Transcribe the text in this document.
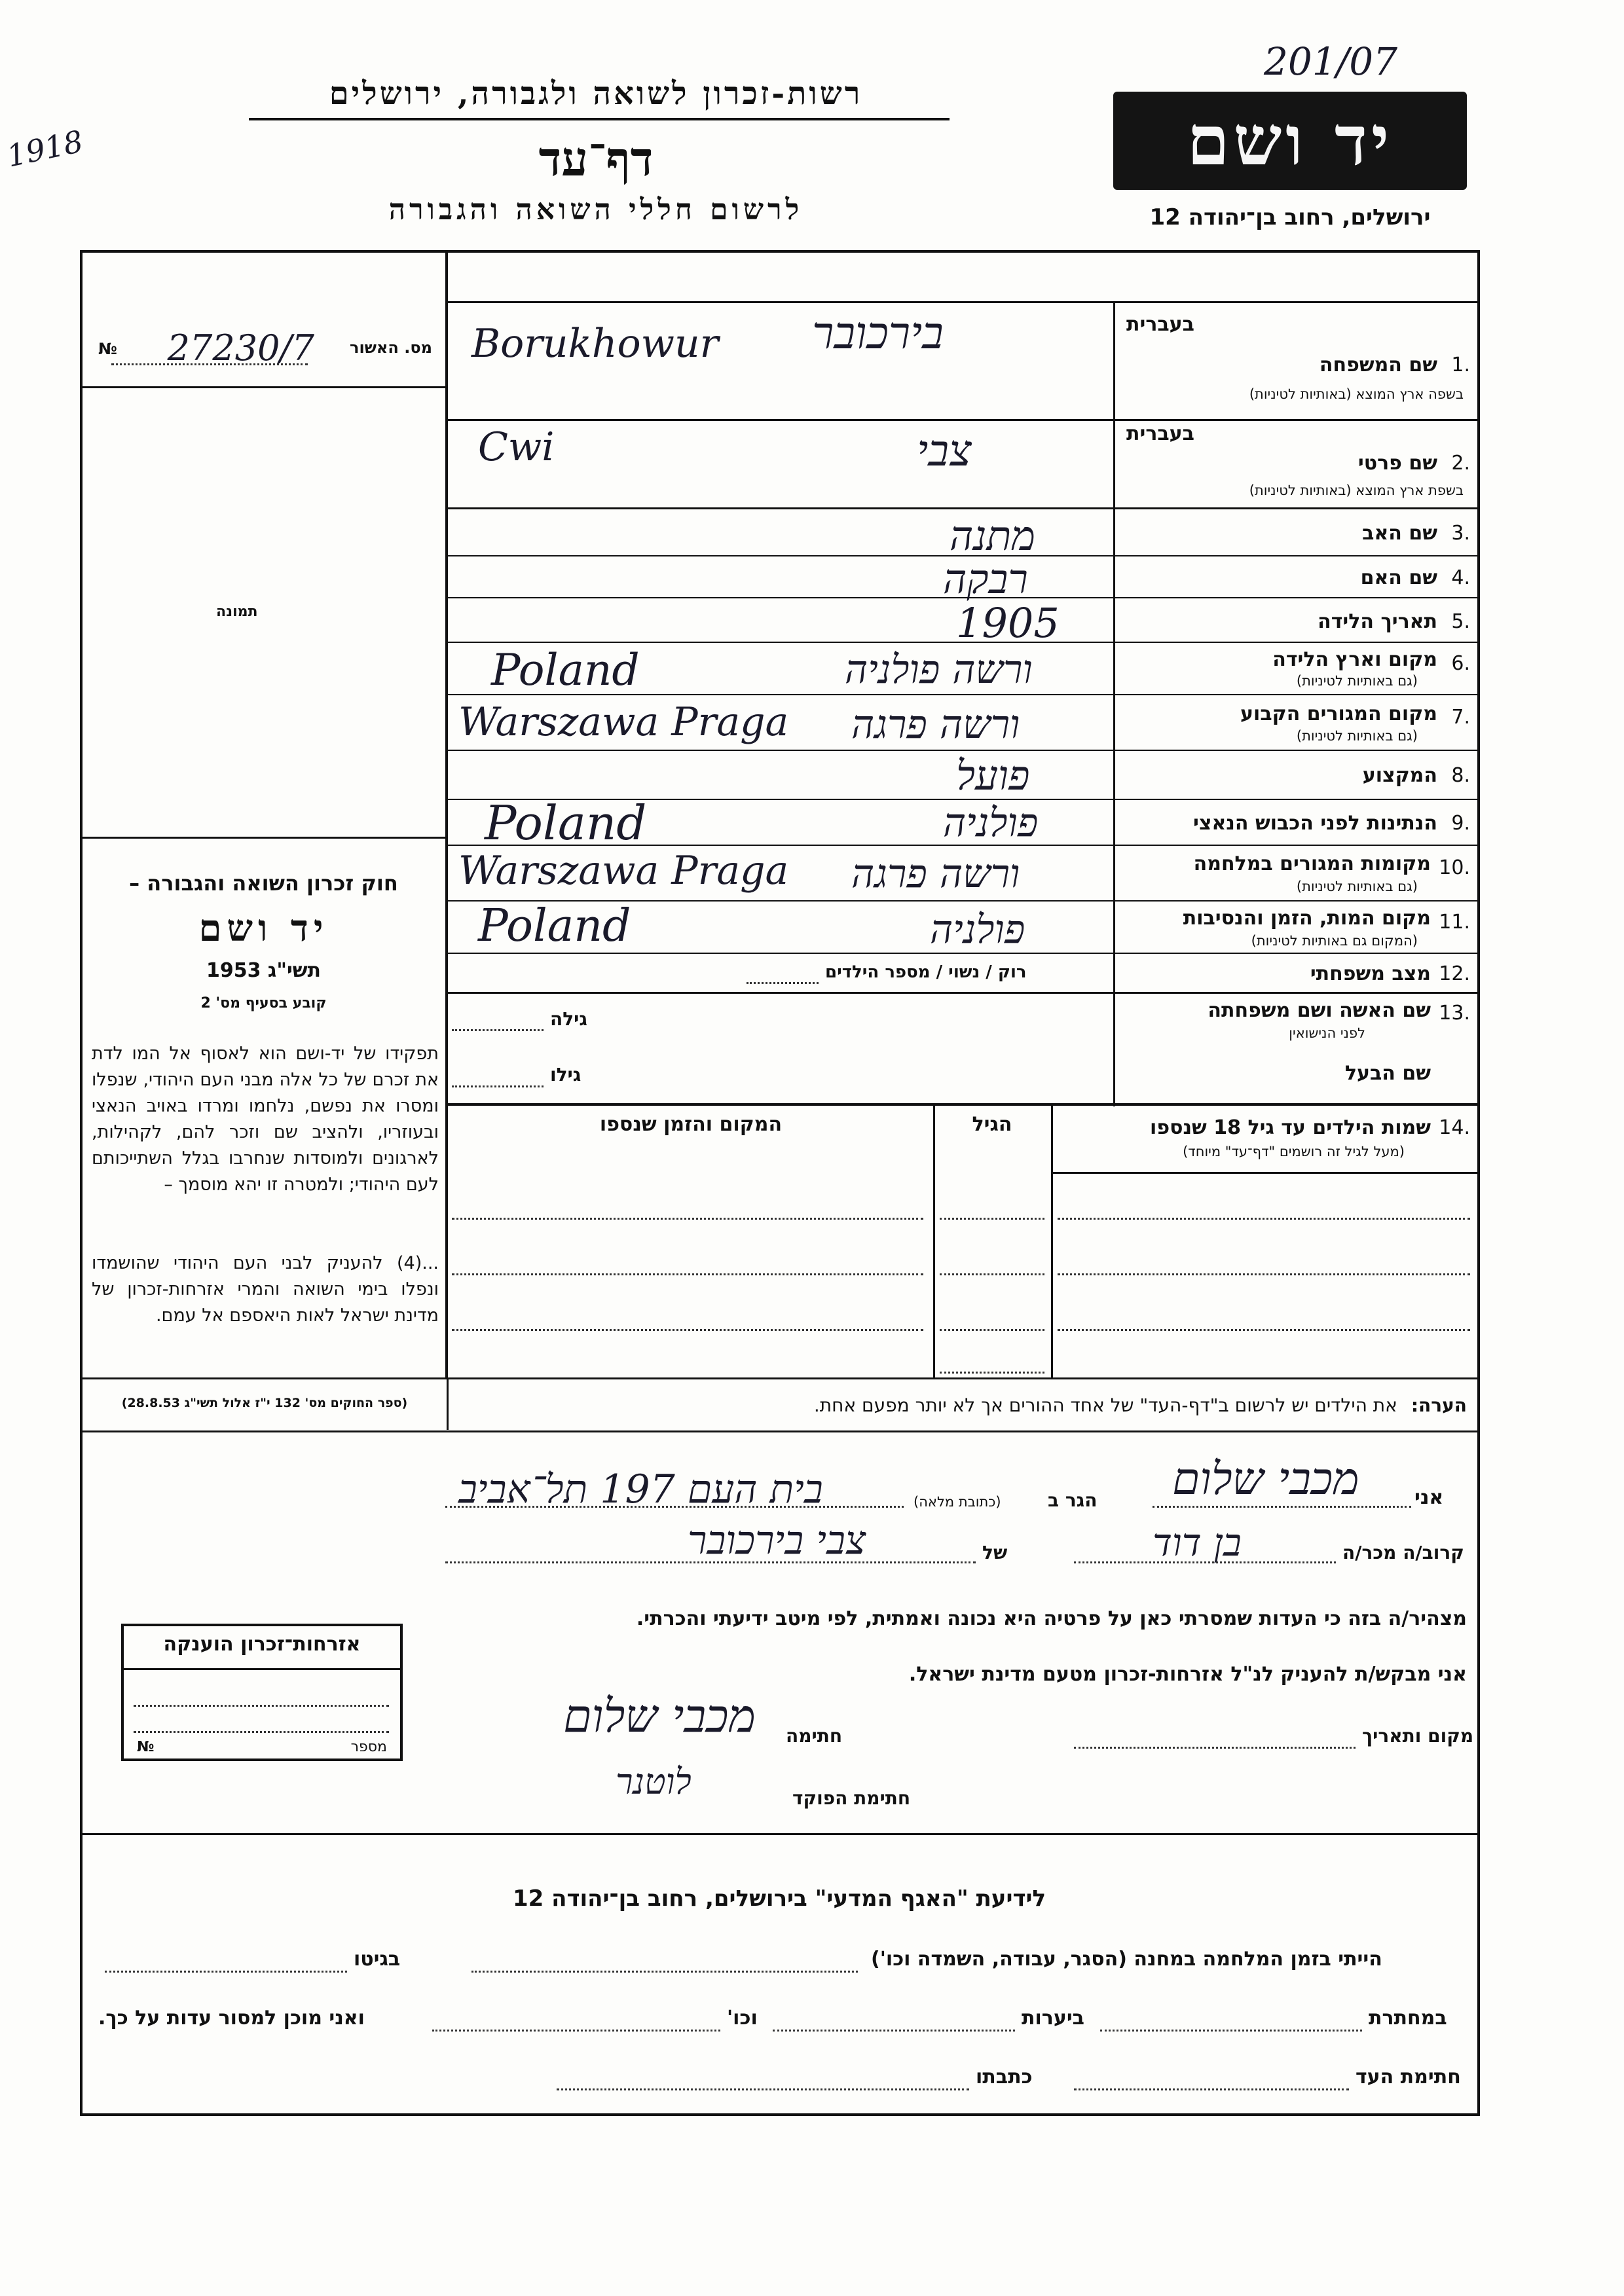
201/07
1918
רשות-זכרון לשואה ולגבורה, ירושלים
דף־עד
לרשום חללי השואה והגבורה
יד ושם
ירושלים, רחוב בן־יהודה 12
מס. האשור
27230/7
№
תמונה
בעברית
1.
שם המשפחה
בשפה ארץ המוצא (באותיות לטיניות)
בירכובר
Borukhowur
בעברית
2.
שם פרטי
בשפת ארץ המוצא (באותיות לטיניות)
צבי
Cwi
3.
שם האב
מתנה
4.
שם האם
רבקה
5.
תאריך הלידה
1905
6.
מקום וארץ הלידה
(גם באותיות לטיניות)
ורשה פולניה
Poland
7.
מקום המגורים הקבוע
(גם באותיות לטיניות)
ורשה פרגה
Warszawa Praga
8.
המקצוע
פועל
9.
הנתינות לפני הכבוש הנאצי
פולניה
Poland
10.
מקומות המגורים במלחמה
(גם באותיות לטיניות)
ורשה פרגה
Warszawa Praga
11.
מקום המות, הזמן והנסיבות
(המקום גם באותיות לטיניות)
פולניה
Poland
12.
מצב משפחתי
רוק / נשוי / מספר הילדים
13.
שם האשה ושם משפחתה
לפני הנישואין
שם הבעל
גילה
גילו
14.
שמות הילדים עד גיל 18 שנספו
(מעל לגיל זה רושמים "דף־עד" מיוחד)
הגיל
המקום והזמן שנספו
חוק זכרון השואה והגבורה –
יד ושם
תשי"ג 1953
קובע בסעיף מס' 2
תפקידו של יד-ושם הוא לאסוף אל המו לדת את זכרם של כל אלה מבני העם היהודי, שנפלו ומסרו את נפשם, נלחמו ומרדו באויב הנאצי ובעוזריו, ולהציב שם וזכר להם, לקהילות, לארגונים ולמוסדות שנחרבו בגלל השתייכותם לעם היהודי; ולמטרה זו יהא מוסמך –
...(4) להעניק לבני העם היהודי שהושמדו ונפלו בימי השואה והמרי אזרחות-זכרון של מדינת ישראל לאות היאספם אל עמם.
(ספר החוקים מס' 132 י"ז אלול תשי"ג 28.8.53)	הערה: את הילדים יש לרשום ב"דף-העד" של אחד ההורים אך לא יותר מפעם אחת.
אני
מכבי שלום
הגר ב
(כתובת מלאה)
בית העם 197 תל־אביב
קרוב/ה מכר/ה
בן דוד
של
צבי בירכובר
מצהיר/ה בזה כי העדות שמסרתי כאן על פרטיה היא נכונה ואמתית, לפי מיטב ידיעתי והכרתי.
אני מבקש/ת להעניק לנ"ל אזרחות-זכרון מטעם מדינת ישראל.
מקום ותאריך
חתימה
מכבי שלום
חתימת הפוקד
לוטנר
אזרחות־זכרון הוענקה
מספר
№
לידיעת "האגף המדעי" בירושלים, רחוב בן־יהודה 12
הייתי בזמן המלחמה במחנה (הסגר, עבודה, השמדה וכו')
בגיטו
במחתרת
ביערות
וכו'
ואני מוכן למסור עדות על כך.
חתימת העד
כתבתו
